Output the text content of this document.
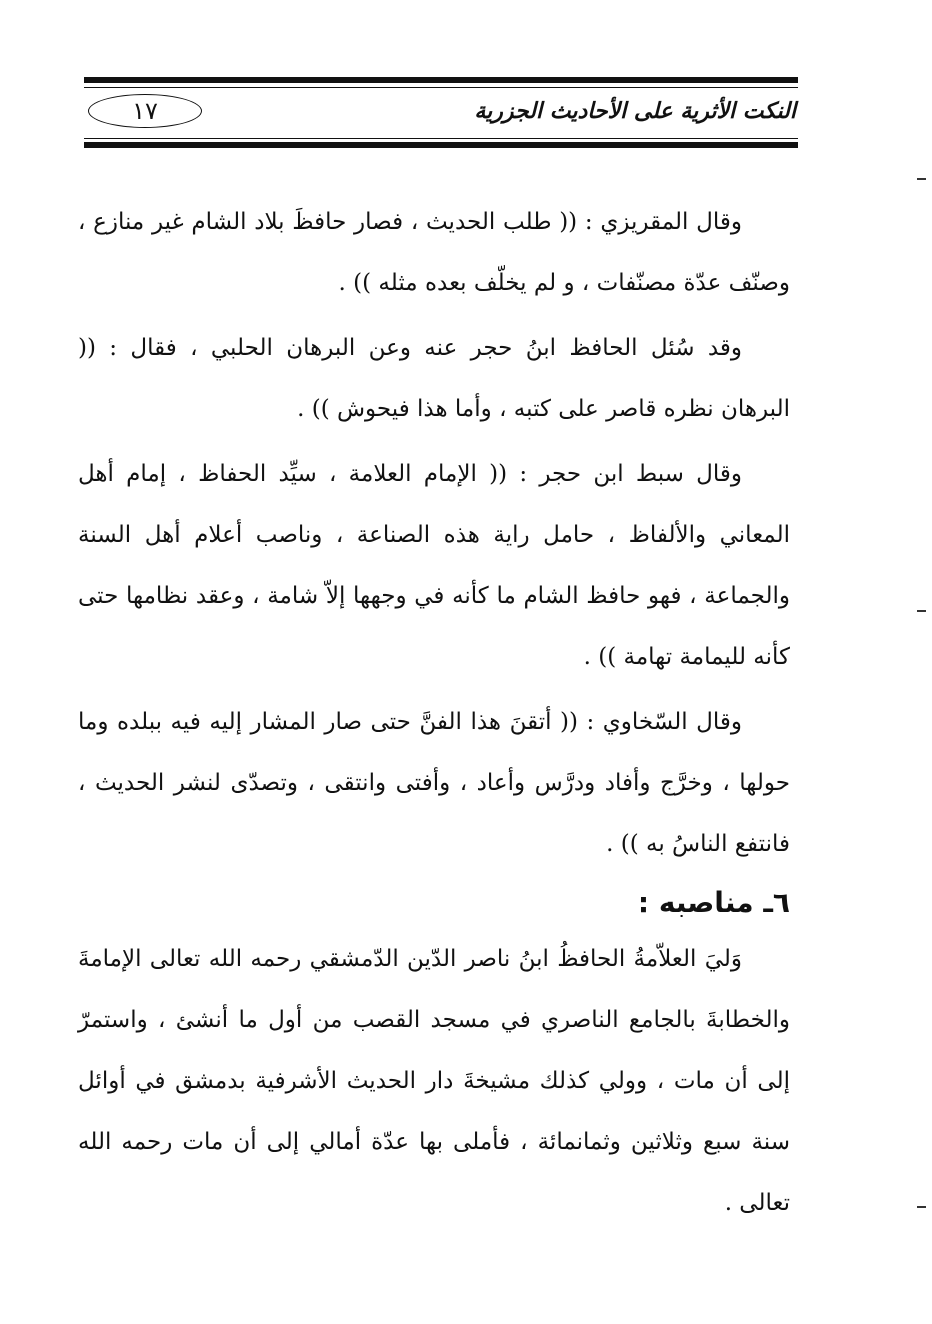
النكت الأثرية على الأحاديث الجزرية
١٧

وقال المقريزي : (( طلب الحديث ، فصار حافظَ بلاد الشام غير منازع ، وصنّف عدّة مصنّفات ، و لم يخلّف بعده مثله )) .

وقد سُئل الحافظ ابنُ حجر عنه وعن البرهان الحلبي ، فقال : (( البرهان نظره قاصر على كتبه ، وأما هذا فيحوش )) .

وقال سبط ابن حجر : (( الإمام العلامة ، سيِّد الحفاظ ، إمام أهل المعاني والألفاظ ، حامل راية هذه الصناعة ، وناصب أعلام أهل السنة والجماعة ، فهو حافظ الشام ما كأنه في وجهها إلاّ شامة ، وعقد نظامها حتى كأنه لليمامة تهامة )) .

وقال السّخاوي : (( أتقنَ هذا الفنَّ حتى صار المشار إليه فيه ببلده وما حولها ، وخرَّج وأفاد ودرَّس وأعاد ، وأفتى وانتقى ، وتصدّى لنشر الحديث ، فانتفع الناسُ به )) .

٦ـ مناصبه :

وَليَ العلاّمةُ الحافظُ ابنُ ناصر الدّين الدّمشقي رحمه الله تعالى الإمامةَ والخطابةَ بالجامع الناصري في مسجد القصب من أول ما أنشئ ، واستمرّ إلى أن مات ، وولي كذلك مشيخةَ دار الحديث الأشرفية بدمشق في أوائل سنة سبع وثلاثين وثمانمائة ، فأملى بها عدّة أمالي إلى أن مات رحمه الله تعالى .
